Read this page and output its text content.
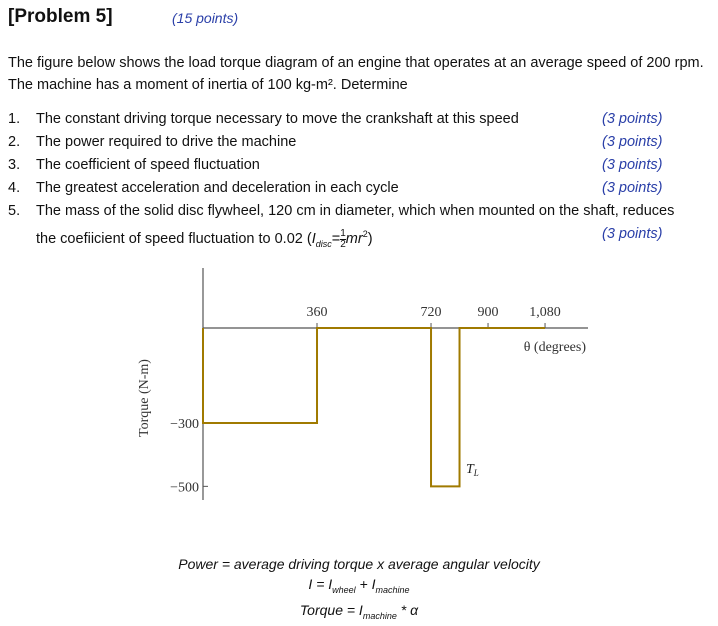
[Problem 5]	(15 points)
The figure below shows the load torque diagram of an engine that operates at an average speed of 200 rpm. The machine has a moment of inertia of 100 kg-m². Determine
1.	The constant driving torque necessary to move the crankshaft at this speed	(3 points)
2.	The power required to drive the machine	(3 points)
3.	The coefficient of speed fluctuation	(3 points)
4.	The greatest acceleration and deceleration in each cycle	(3 points)
5. The mass of the solid disc flywheel, 120 cm in diameter, which when mounted on the shaft, reduces the coefiicient of speed fluctuation to 0.02 $(I_{disc}= \frac{1}{2} mr^2)$	(3 points)
360	720	900 1,080
−300
−500
θ (degrees)
Torque (N-m)
$T_L$
Power = average driving torque x average angular velocity
$I = I_{wheel} + I_{machine}$
Torque = $I_{machine}$ * α
